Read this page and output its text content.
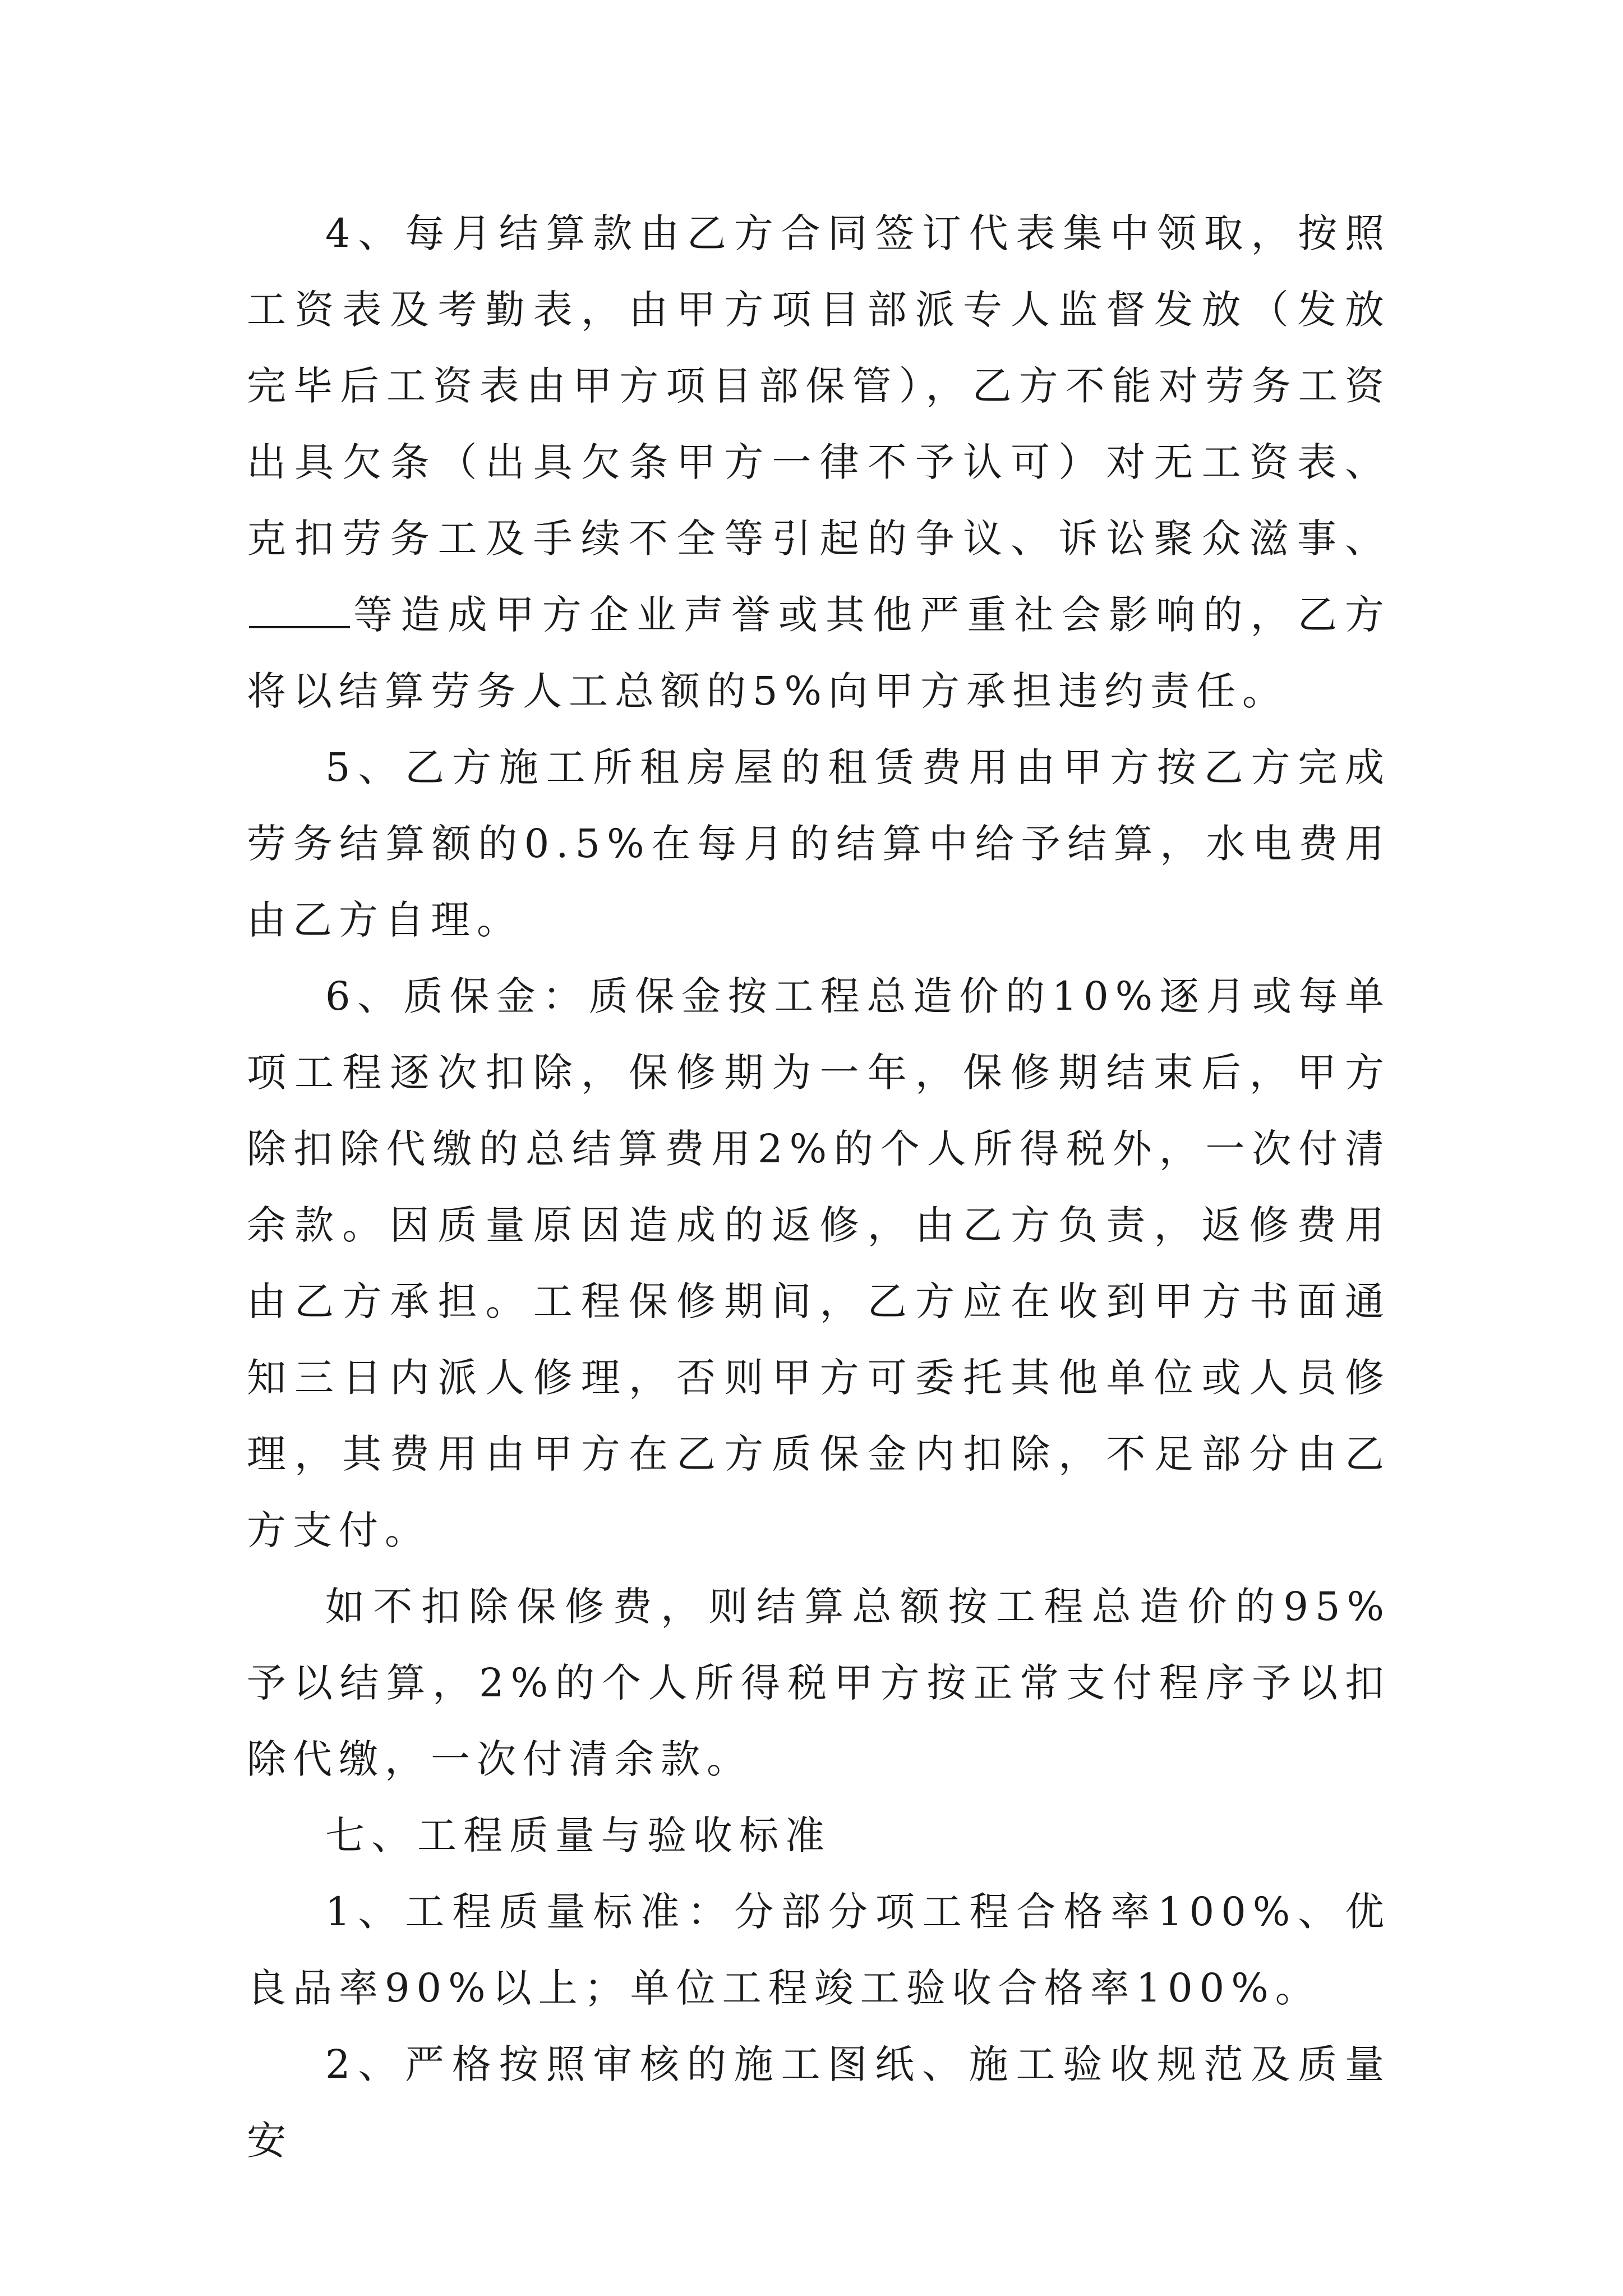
4、每月结算款由乙方合同签订代表集中领取，按照工资表及考勤表，由甲方项目部派专人监督发放（发放完毕后工资表由甲方项目部保管），乙方不能对劳务工资出具欠条（出具欠条甲方一律不予认可）对无工资表、克扣劳务工及手续不全等引起的争议、诉讼聚众滋事、等造成甲方企业声誉或其他严重社会影响的，乙方将以结算劳务人工总额的5%向甲方承担违约责任。

5、乙方施工所租房屋的租赁费用由甲方按乙方完成劳务结算额的0.5%在每月的结算中给予结算，水电费用由乙方自理。

6、质保金：质保金按工程总造价的10%逐月或每单项工程逐次扣除，保修期为一年，保修期结束后，甲方除扣除代缴的总结算费用2%的个人所得税外，一次付清余款。因质量原因造成的返修，由乙方负责，返修费用由乙方承担。工程保修期间，乙方应在收到甲方书面通知三日内派人修理，否则甲方可委托其他单位或人员修理，其费用由甲方在乙方质保金内扣除，不足部分由乙方支付。

如不扣除保修费，则结算总额按工程总造价的95%予以结算，2%的个人所得税甲方按正常支付程序予以扣除代缴，一次付清余款。

七、工程质量与验收标准

1、工程质量标准：分部分项工程合格率100%、优良品率90%以上；单位工程竣工验收合格率100%。

2、严格按照审核的施工图纸、施工验收规范及质量安
